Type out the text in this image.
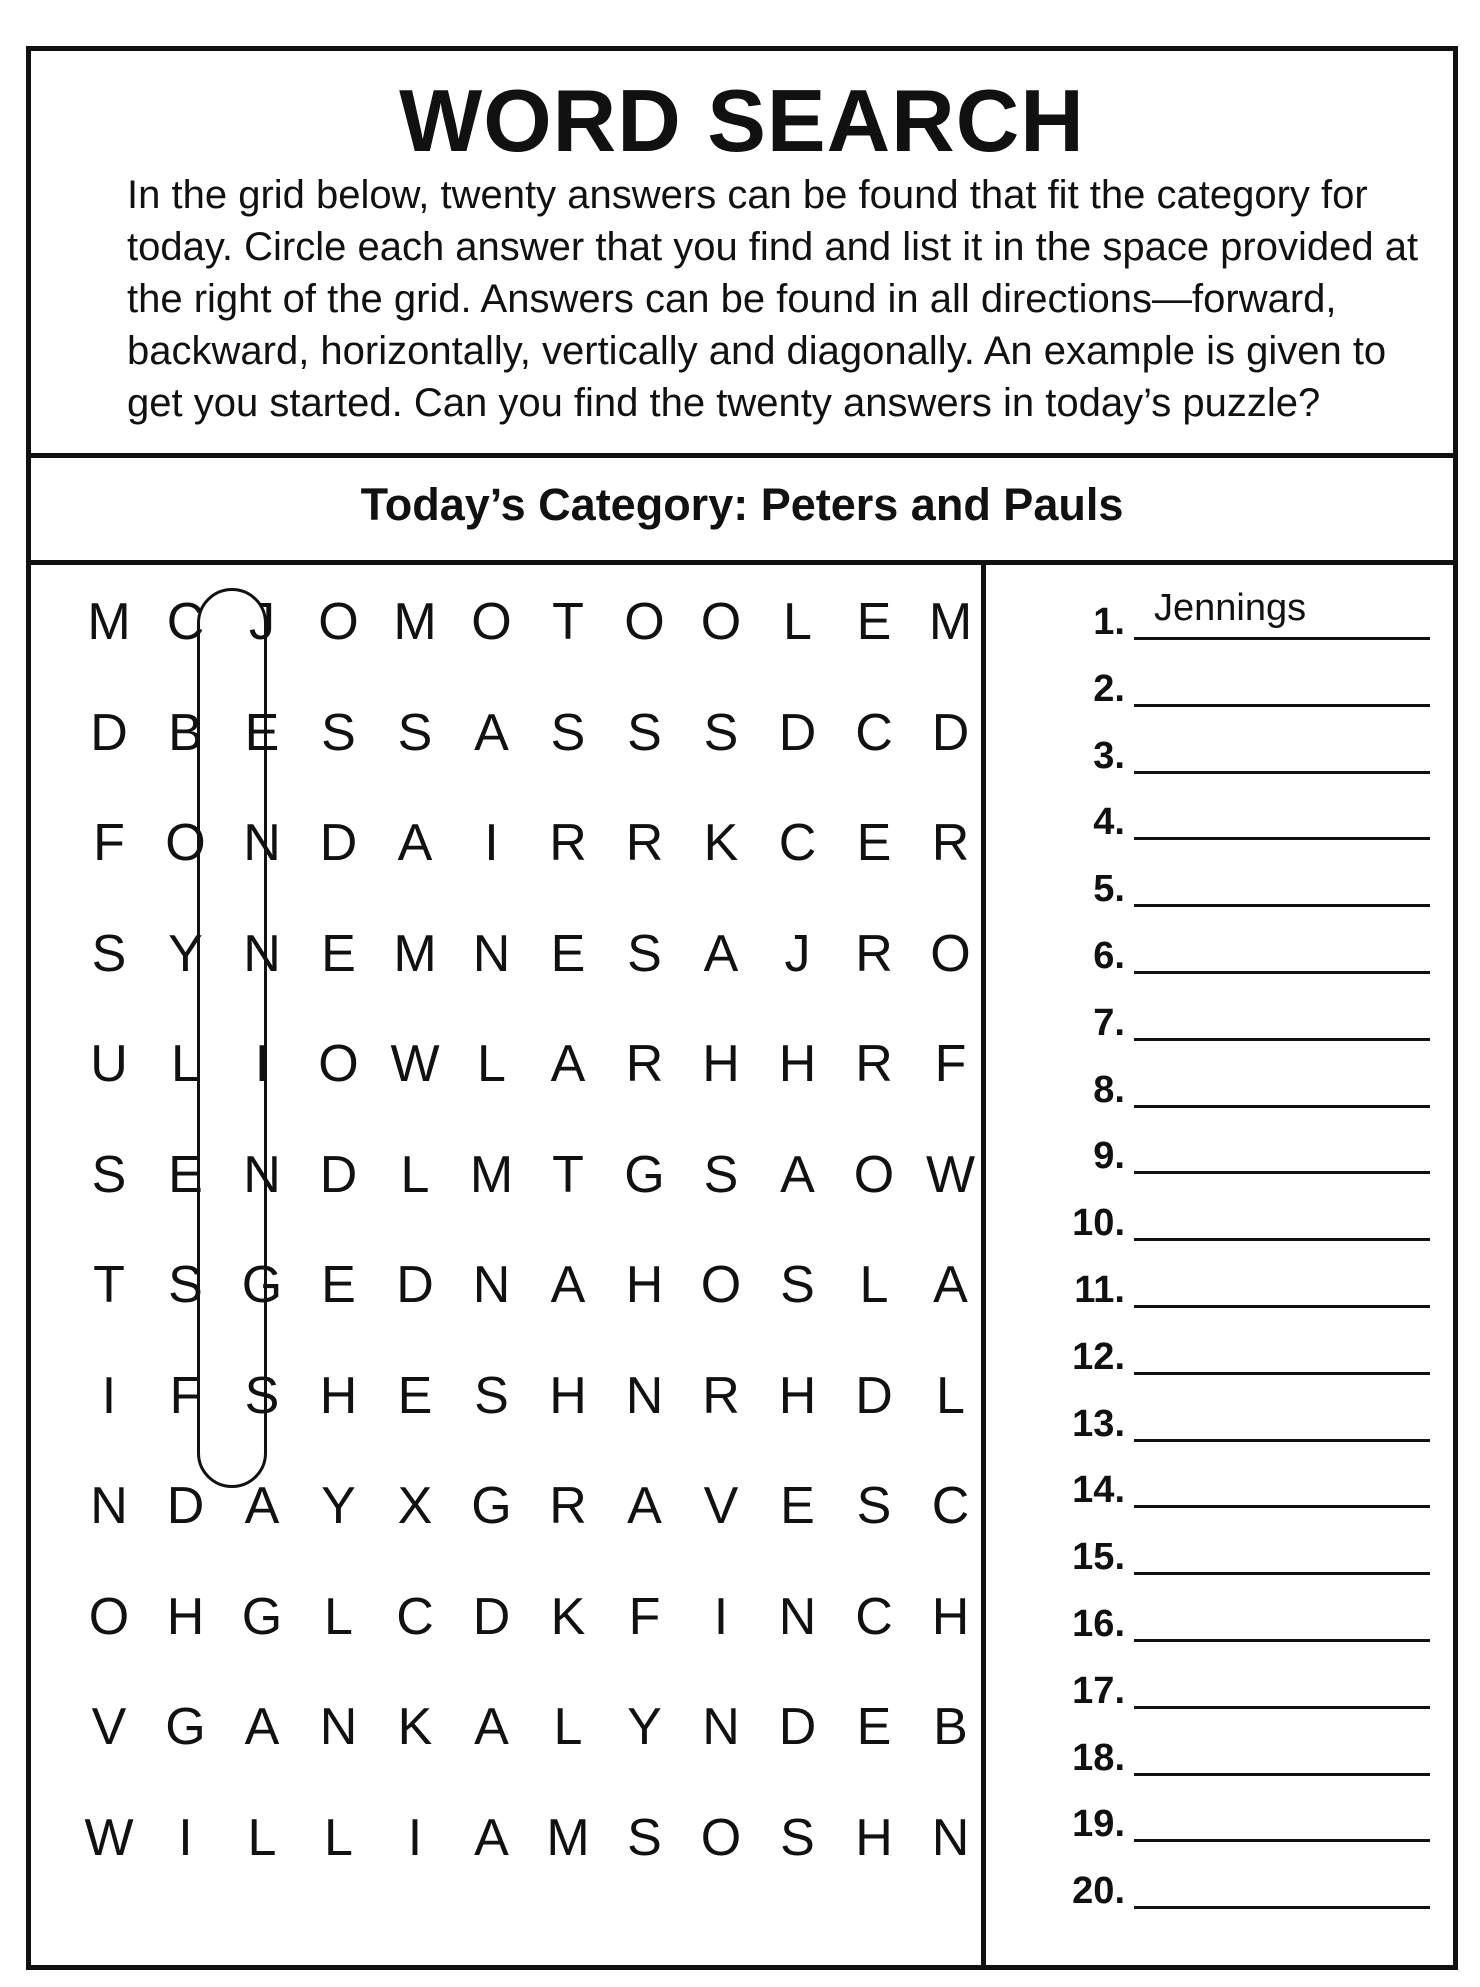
WORD SEARCH

In the grid below, twenty answers can be found that fit the category for today. Circle each answer that you find and list it in the space provided at the right of the grid. Answers can be found in all directions—forward, backward, horizontally, vertically and diagonally. An example is given to get you started. Can you find the twenty answers in today’s puzzle?

Today’s Category: Peters and Pauls

M C J O M O T O O L E M
D B E S S A S S S D C D
F O N D A I R R K C E R
S Y N E M N E S A J R O
U L	I O W L A R H H R F
S E N D L M T G S A O W
T S G E D N A H O S L A
I	F S H E S H N R H D L
N D A Y X G R A V E S C
O H G L C D K F	I N C H
V G A N K A L Y N D E B
W I	L L	I A M S O S H N
1. Jennings
2.
3.
4.
5.
6.
7.
8.
9.
10.
11.
12.
13.
14.
15.
16.
17.
18.
19.
20.
